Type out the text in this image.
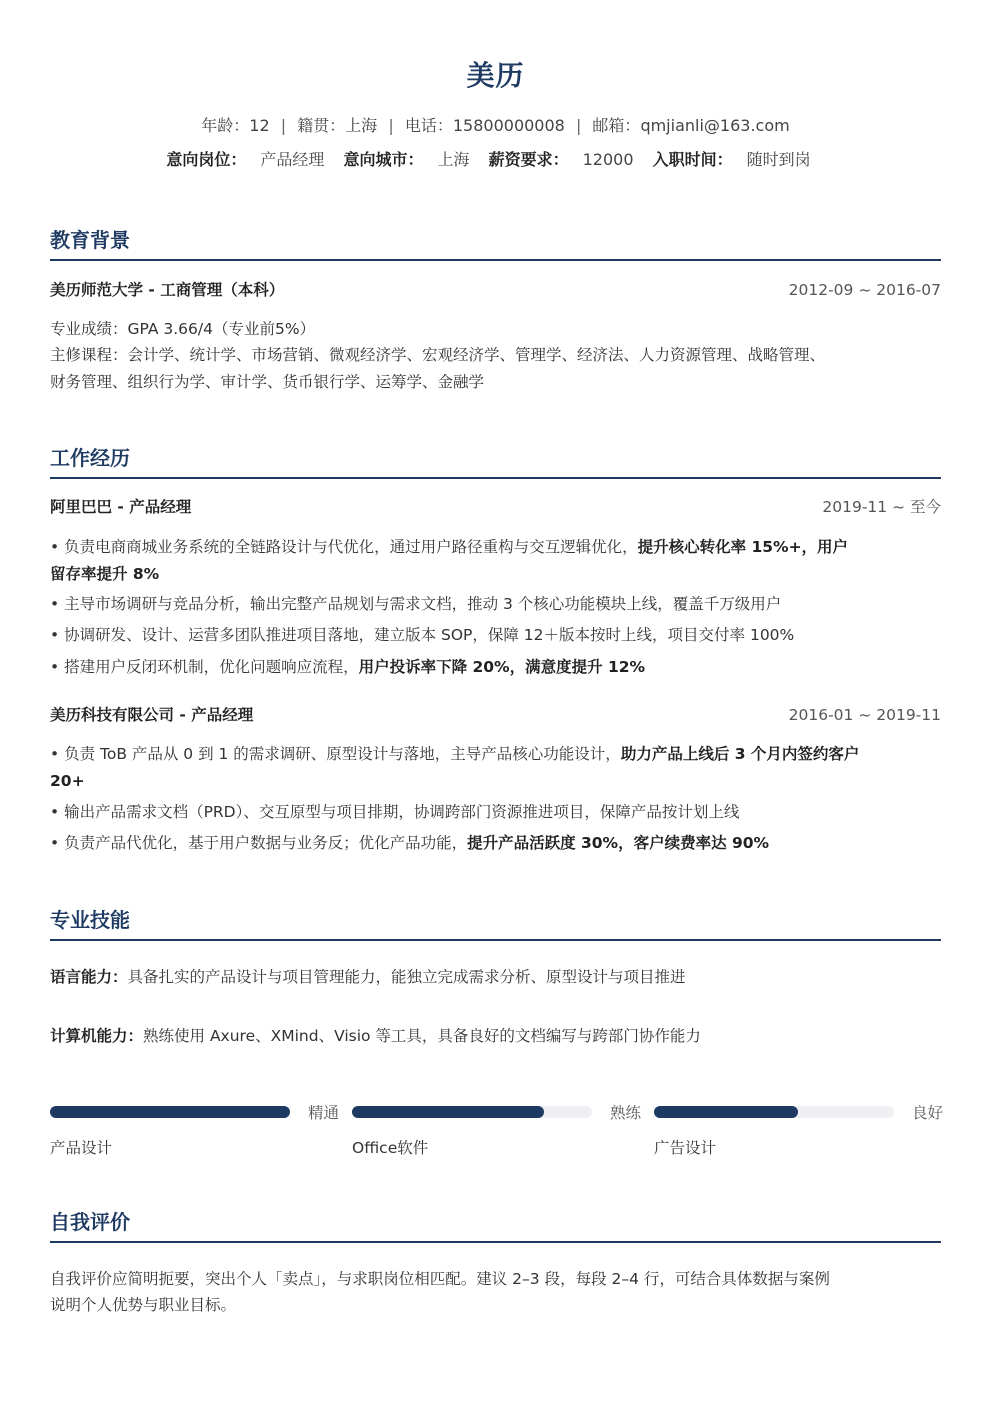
美历
年龄：12 | 籍贯：上海 | 电话：15800000008 | 邮箱：qmjianli@163.com
意向岗位： 产品经理 意向城市： 上海 薪资要求： 12000 入职时间： 随时到岗
教育背景
美历师范大学 - 工商管理（本科）	2012-09 ~ 2016-07
专业成绩：GPA 3.66/4（专业前5%）
主修课程：会计学、统计学、市场营销、微观经济学、宏观经济学、管理学、经济法、人力资源管理、战略管理、
财务管理、组织行为学、审计学、货币银行学、运筹学、金融学
工作经历
阿里巴巴 - 产品经理	2019-11 ~ 至今
• 负责电商商城业务系统的全链路设计与代优化，通过用户路径重构与交互逻辑优化，提升核心转化率 15%+，用户
留存率提升 8%
• 主导市场调研与竞品分析，输出完整产品规划与需求文档，推动 3 个核心功能模块上线，覆盖千万级用户
• 协调研发、设计、运营多团队推进项目落地，建立版本 SOP，保障 12＋版本按时上线，项目交付率 100%
• 搭建用户反闭环机制，优化问题响应流程，用户投诉率下降 20%，满意度提升 12%
美历科技有限公司 - 产品经理	2016-01 ~ 2019-11
• 负责 ToB 产品从 0 到 1 的需求调研、原型设计与落地，主导产品核心功能设计，助力产品上线后 3 个月内签约客户
20+
• 输出产品需求文档（PRD）、交互原型与项目排期，协调跨部门资源推进项目，保障产品按计划上线
• 负责产品代优化，基于用户数据与业务反；优化产品功能，提升产品活跃度 30%，客户续费率达 90%
专业技能
语言能力：具备扎实的产品设计与项目管理能力，能独立完成需求分析、原型设计与项目推进
计算机能力：熟练使用 Axure、XMind、Visio 等工具，具备良好的文档编写与跨部门协作能力
精通
产品设计
熟练
Office软件
良好
广告设计
自我评价
自我评价应简明扼要，突出个人「卖点」，与求职岗位相匹配。建议 2–3 段，每段 2–4 行，可结合具体数据与案例
说明个人优势与职业目标。
